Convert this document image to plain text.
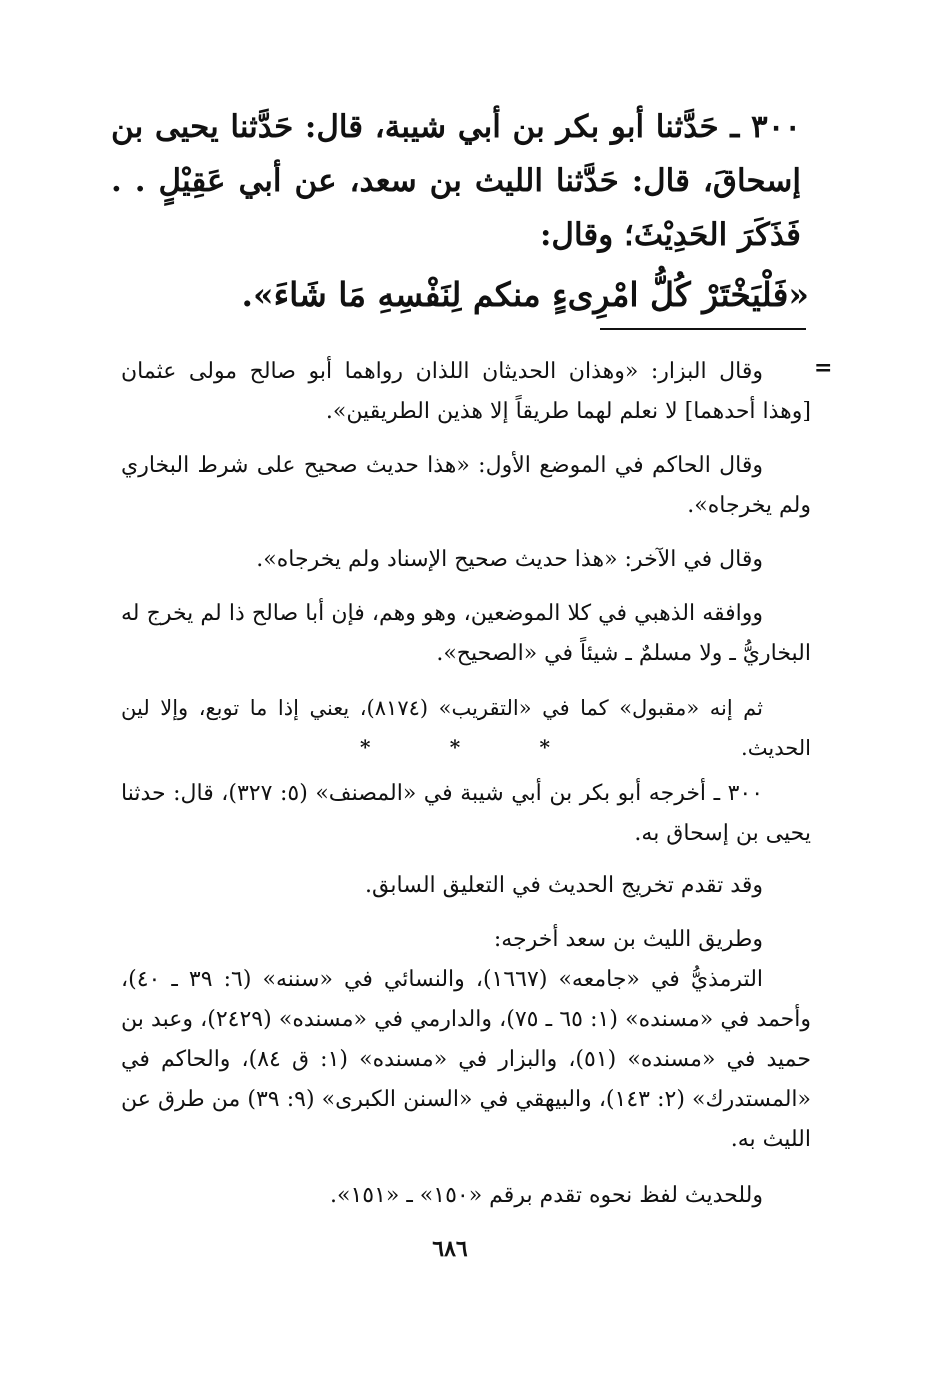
٣٠٠ ـ حَدَّثنا أبو بكر بن أبي شيبة، قال: حَدَّثنا يحيى بن إسحاقَ، قال: حَدَّثنا الليث بن سعد، عن أبي عَقِيْلٍ . . فَذَكَرَ الحَدِيْثَ؛ وقال:
«فَلْيَخْتَرْ كُلُّ امْرِىءٍ منكم لِنَفْسِهِ مَا شَاءَ».
=
وقال البزار: «وهذان الحديثان اللذان رواهما أبو صالح مولى عثمان [وهذا أحدهما] لا نعلم لهما طريقاً إلا هذين الطريقين».
وقال الحاكم في الموضع الأول: «هذا حديث صحيح على شرط البخاري ولم يخرجاه».
وقال في الآخر: «هذا حديث صحيح الإسناد ولم يخرجاه».
ووافقه الذهبي في كلا الموضعين، وهو وهم، فإن أبا صالح ذا لم يخرج له البخاريُّ ـ ولا مسلمٌ ـ شيئاً في «الصحيح».
ثم إنه «مقبول» كما في «التقريب» (٨١٧٤)، يعني إذا ما توبع، وإلا لين الحديث.
*	*	*
٣٠٠ ـ أخرجه أبو بكر بن أبي شيبة في «المصنف» (٥: ٣٢٧)، قال: حدثنا يحيى بن إسحاق به.
وقد تقدم تخريج الحديث في التعليق السابق.
وطريق الليث بن سعد أخرجه:
الترمذيُّ في «جامعه» (١٦٦٧)، والنسائي في «سننه» (٦: ٣٩ ـ ٤٠)، وأحمد في «مسنده» (١: ٦٥ ـ ٧٥)، والدارمي في «مسنده» (٢٤٢٩)، وعبد بن حميد في «مسنده» (٥١)، والبزار في «مسنده» (١: ق ٨٤)، والحاكم في «المستدرك» (٢: ١٤٣)، والبيهقي في «السنن الكبرى» (٩: ٣٩) من طرق عن الليث به.
وللحديث لفظ نحوه تقدم برقم «١٥٠» ـ «١٥١».
٦٨٦
